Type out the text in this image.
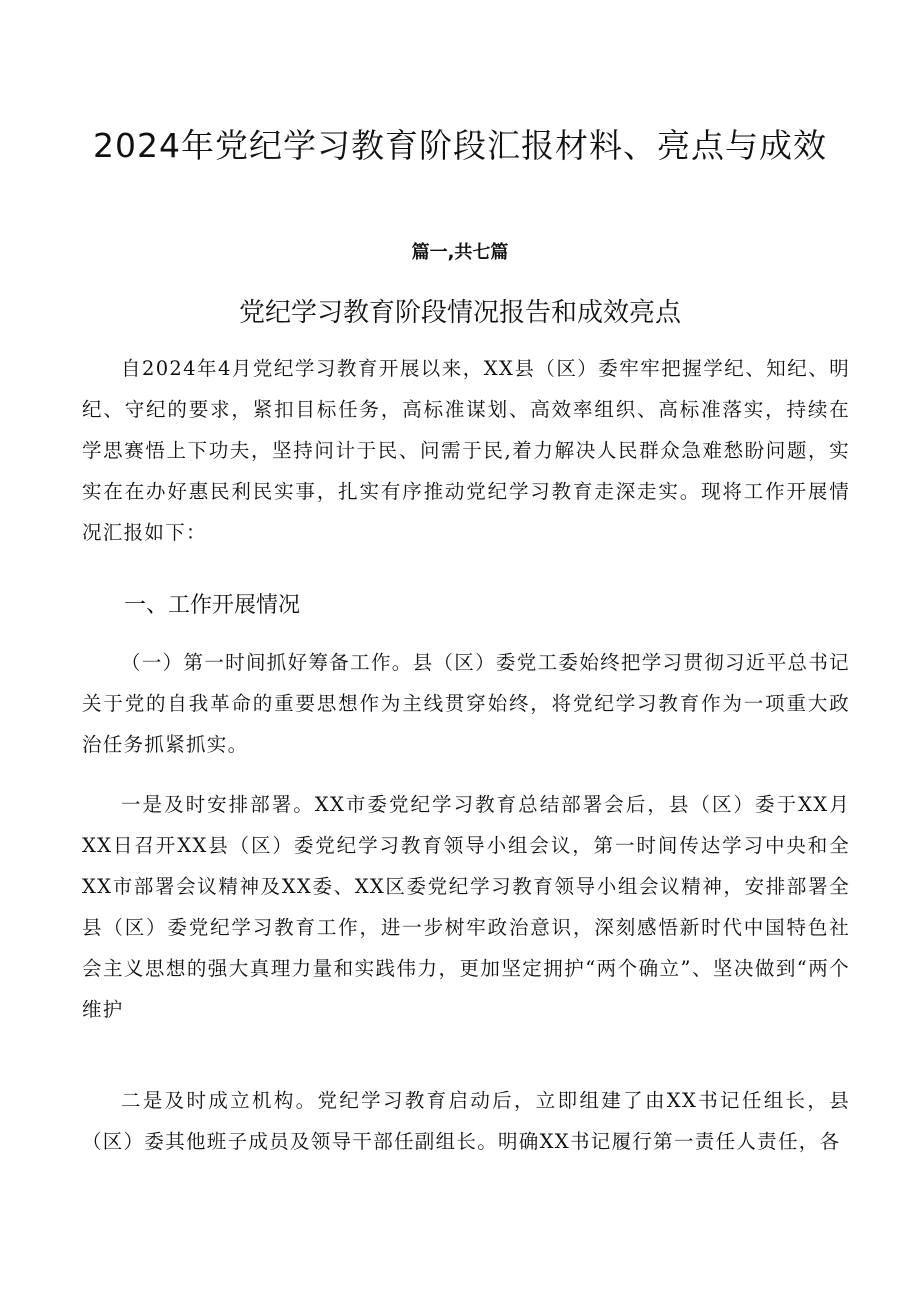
2024年党纪学习教育阶段汇报材料、亮点与成效
篇一,共七篇
党纪学习教育阶段情况报告和成效亮点

自2024年4月党纪学习教育开展以来，XX县（区）委牢牢把握学纪、知纪、明纪、守纪的要求，紧扣目标任务，高标准谋划、高效率组织、高标准落实，持续在学思赛悟上下功夫，坚持问计于民、问需于民,着力解决人民群众急难愁盼问题，实实在在办好惠民利民实事，扎实有序推动党纪学习教育走深走实。现将工作开展情况汇报如下：

一、工作开展情况

（一）第一时间抓好筹备工作。县（区）委党工委始终把学习贯彻习近平总书记关于党的自我革命的重要思想作为主线贯穿始终，将党纪学习教育作为一项重大政治任务抓紧抓实。

一是及时安排部署。XX市委党纪学习教育总结部署会后，县（区）委于XX月XX日召开XX县（区）委党纪学习教育领导小组会议，第一时间传达学习中央和全XX市部署会议精神及XX委、XX区委党纪学习教育领导小组会议精神，安排部署全县（区）委党纪学习教育工作，进一步树牢政治意识，深刻感悟新时代中国特色社会主义思想的强大真理力量和实践伟力，更加坚定拥护“两个确立”、坚决做到“两个维护

二是及时成立机构。党纪学习教育启动后，立即组建了由XX书记任组长，县（区）委其他班子成员及领导干部任副组长。明确XX书记履行第一责任人责任，各
